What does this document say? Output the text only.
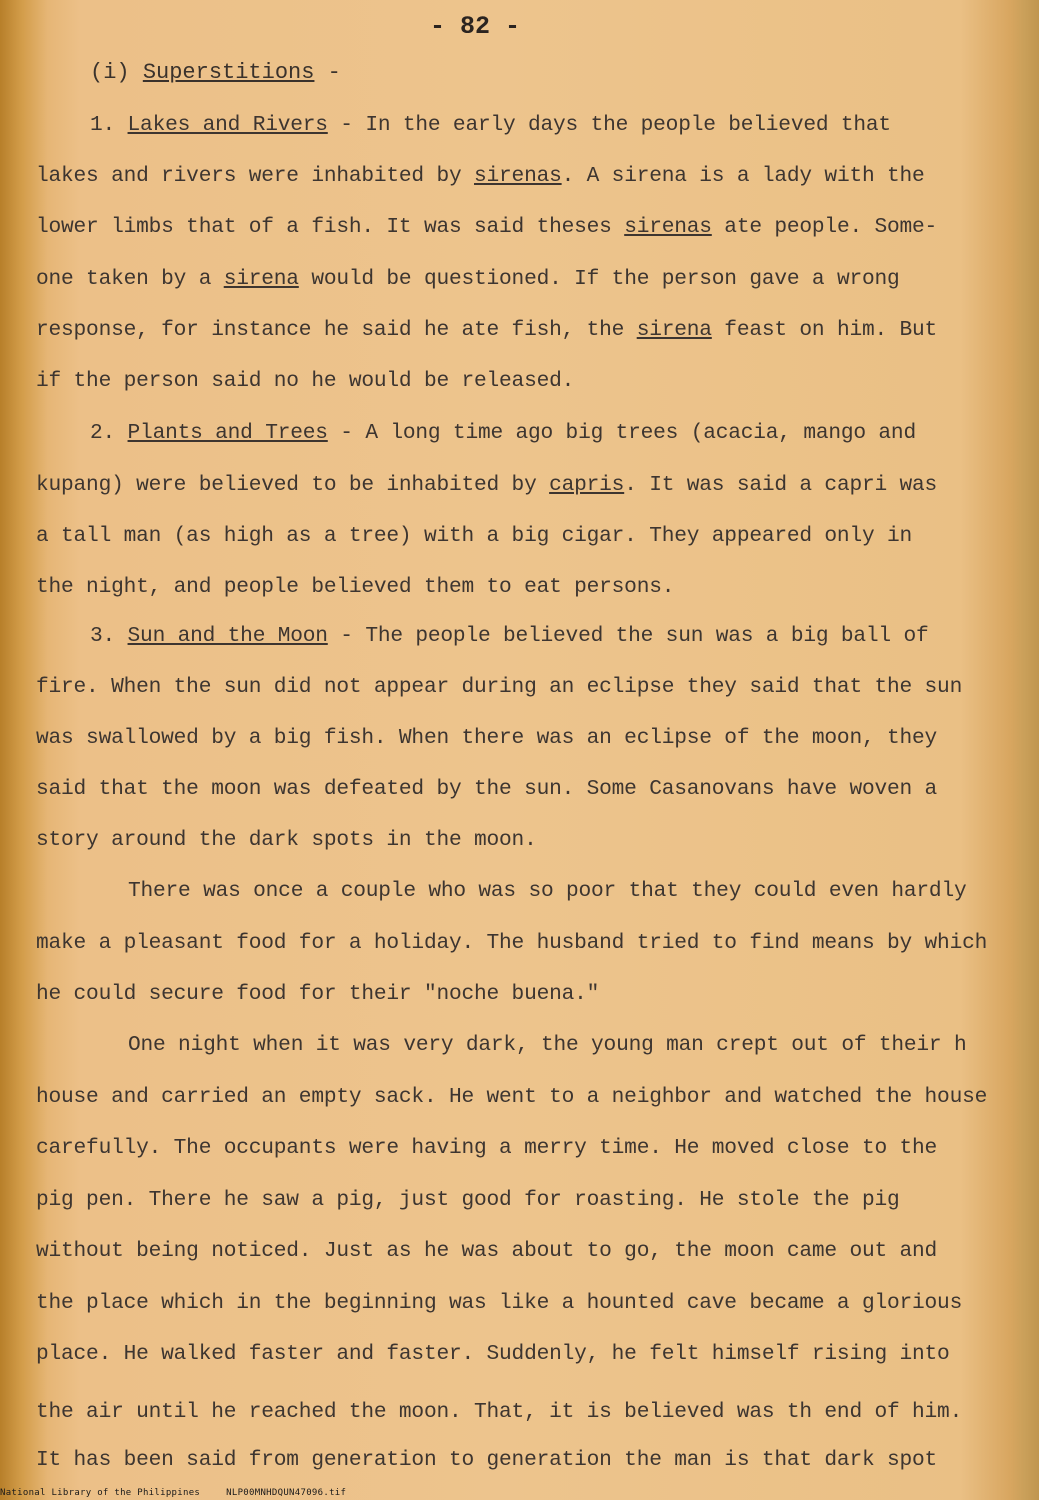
- 82 -
(i) Superstitions -
1. Lakes and Rivers - In the early days the people believed that
lakes and rivers were inhabited by sirenas. A sirena is a lady with the
lower limbs that of a fish. It was said theses sirenas ate people. Some-
one taken by a sirena would be questioned. If the person gave a wrong
response, for instance he said he ate fish, the sirena feast on him. But
if the person said no he would be released.
2. Plants and Trees - A long time ago big trees (acacia, mango and
kupang) were believed to be inhabited by capris. It was said a capri was
a tall man (as high as a tree) with a big cigar. They appeared only in
the night, and people believed them to eat persons.
3. Sun and the Moon - The people believed the sun was a big ball of
fire. When the sun did not appear during an eclipse they said that the sun
was swallowed by a big fish. When there was an eclipse of the moon, they
said that the moon was defeated by the sun. Some Casanovans have woven a
story around the dark spots in the moon.
There was once a couple who was so poor that they could even hardly
make a pleasant food for a holiday. The husband tried to find means by which
he could secure food for their "noche buena."
One night when it was very dark, the young man crept out of their h
house and carried an empty sack. He went to a neighbor and watched the house
carefully. The occupants were having a merry time. He moved close to the
pig pen. There he saw a pig, just good for roasting. He stole the pig
without being noticed. Just as he was about to go, the moon came out and
the place which in the beginning was like a hounted cave became a glorious
place. He walked faster and faster. Suddenly, he felt himself rising into
the air until he reached the moon. That, it is believed was th end of him.
It has been said from generation to generation the man is that dark spot
National Library of the Philippines	NLP00MNHDQUN47096.tif
